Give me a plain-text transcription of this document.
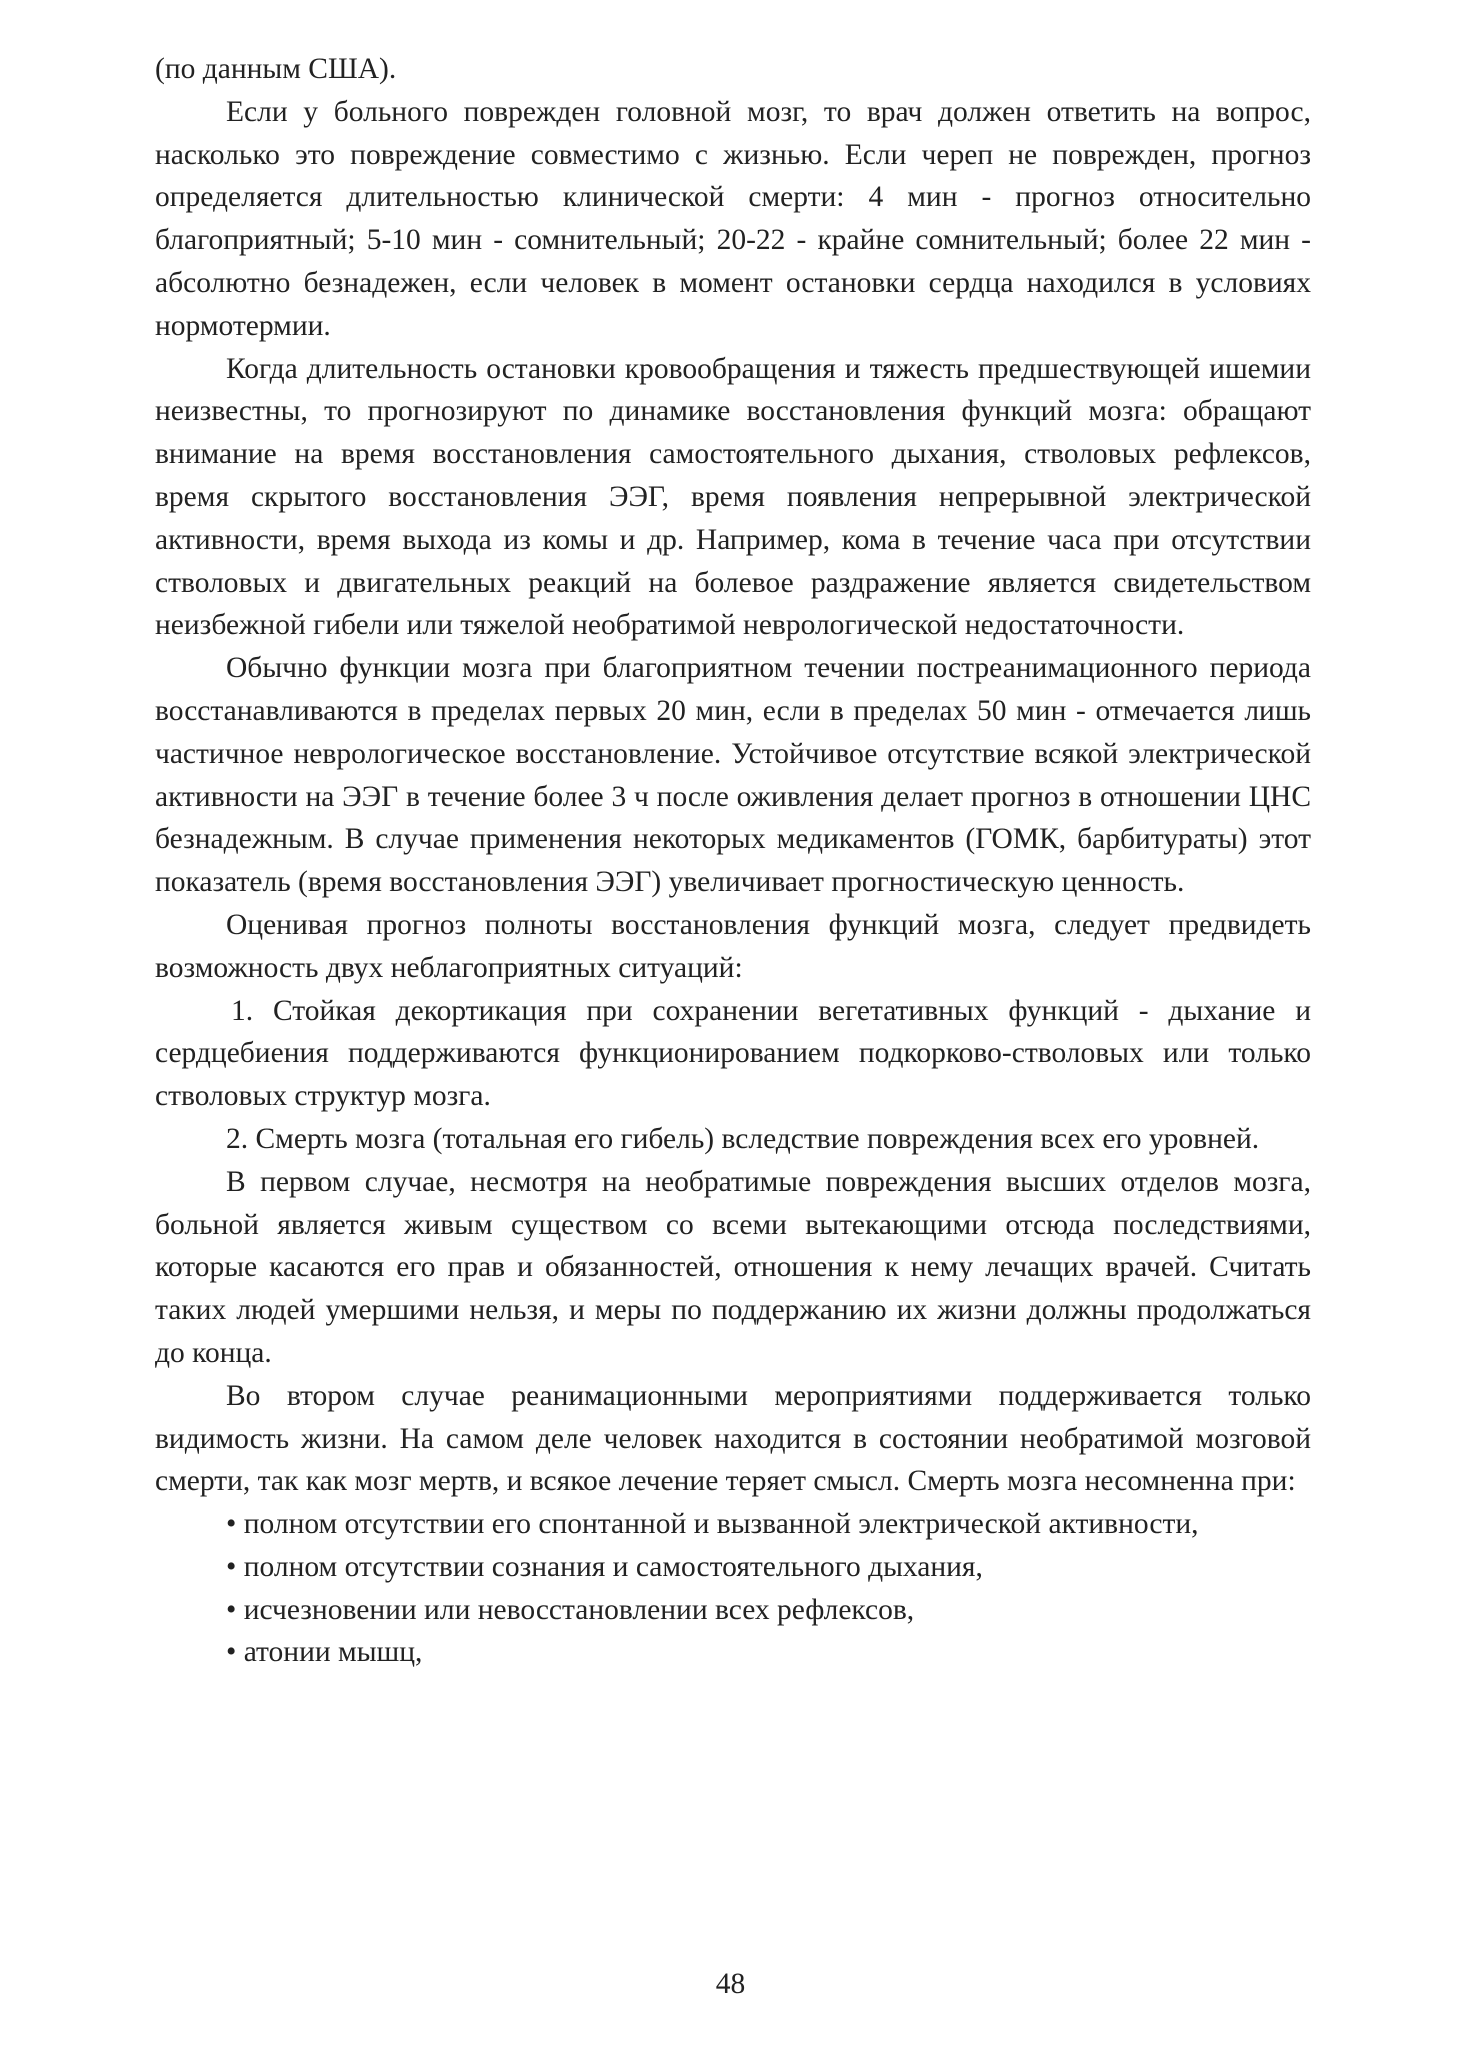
(по данным США).

Если у больного поврежден головной мозг, то врач должен ответить на вопрос, насколько это повреждение совместимо с жизнью. Если череп не поврежден, прогноз определяется длительностью клинической смерти: 4 мин - прогноз относительно благоприятный; 5-10 мин - сомнительный; 20-22 - крайне сомнительный; более 22 мин - абсолютно безнадежен, если человек в момент остановки сердца находился в условиях нормотермии.

Когда длительность остановки кровообращения и тяжесть предшествующей ишемии неизвестны, то прогнозируют по динамике восстановления функций мозга: обращают внимание на время восстановления самостоятельного дыхания, стволовых рефлексов, время скрытого восстановления ЭЭГ, время появления непрерывной электрической активности, время выхода из комы и др. Например, кома в течение часа при отсутствии стволовых и двигательных реакций на болевое раздражение является свидетельством неизбежной гибели или тяжелой необратимой неврологической недостаточности.

Обычно функции мозга при благоприятном течении постреанимационного периода восстанавливаются в пределах первых 20 мин, если в пределах 50 мин - отмечается лишь частичное неврологическое восстановление. Устойчивое отсутствие всякой электрической активности на ЭЭГ в течение более 3 ч после оживления делает прогноз в отношении ЦНС безнадежным. В случае применения некоторых медикаментов (ГОМК, барбитураты) этот показатель (время восстановления ЭЭГ) увеличивает прогностическую ценность.

Оценивая прогноз полноты восстановления функций мозга, следует предвидеть возможность двух неблагоприятных ситуаций:

1. Стойкая декортикация при сохранении вегетативных функций - дыхание и сердцебиения поддерживаются функционированием подкорково-стволовых или только стволовых структур мозга.

2. Смерть мозга (тотальная его гибель) вследствие повреждения всех его уровней.

В первом случае, несмотря на необратимые повреждения высших отделов мозга, больной является живым существом со всеми вытекающими отсюда последствиями, которые касаются его прав и обязанностей, отношения к нему лечащих врачей. Считать таких людей умершими нельзя, и меры по поддержанию их жизни должны продолжаться до конца.

Во втором случае реанимационными мероприятиями поддерживается только видимость жизни. На самом деле человек находится в состоянии необратимой мозговой смерти, так как мозг мертв, и всякое лечение теряет смысл. Смерть мозга несомненна при:

• полном отсутствии его спонтанной и вызванной электрической активности,

• полном отсутствии сознания и самостоятельного дыхания,

• исчезновении или невосстановлении всех рефлексов,

• атонии мышц,

48
